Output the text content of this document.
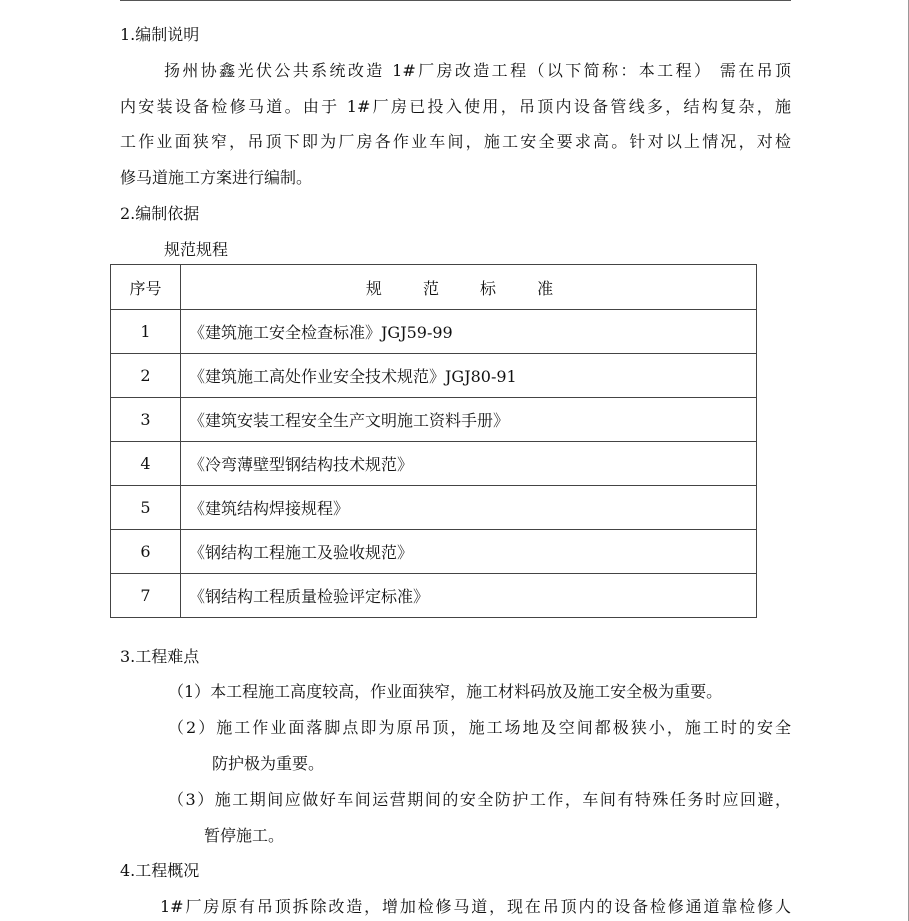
1.编制说明
扬州协鑫光伏公共系统改造 1#厂房改造工程（以下简称：本工程） 需在吊顶
内安装设备检修马道。由于 1#厂房已投入使用，吊顶内设备管线多，结构复杂，施
工作业面狭窄，吊顶下即为厂房各作业车间，施工安全要求高。针对以上情况，对检
修马道施工方案进行编制。
2.编制依据
规范规程
序号	规 范 标 准
1	《建筑施工安全检查标准》JGJ59-99
2	《建筑施工高处作业安全技术规范》JGJ80-91
3	《建筑安装工程安全生产文明施工资料手册》
4	《冷弯薄壁型钢结构技术规范》
5	《建筑结构焊接规程》
6	《钢结构工程施工及验收规范》
7	《钢结构工程质量检验评定标准》
3.工程难点
（1）本工程施工高度较高，作业面狭窄，施工材料码放及施工安全极为重要。
（2）施工作业面落脚点即为原吊顶，施工场地及空间都极狭小，施工时的安全
防护极为重要。
（3）施工期间应做好车间运营期间的安全防护工作，车间有特殊任务时应回避，
暂停施工。
4.工程概况
1#厂房原有吊顶拆除改造，增加检修马道，现在吊顶内的设备检修通道靠检修人
